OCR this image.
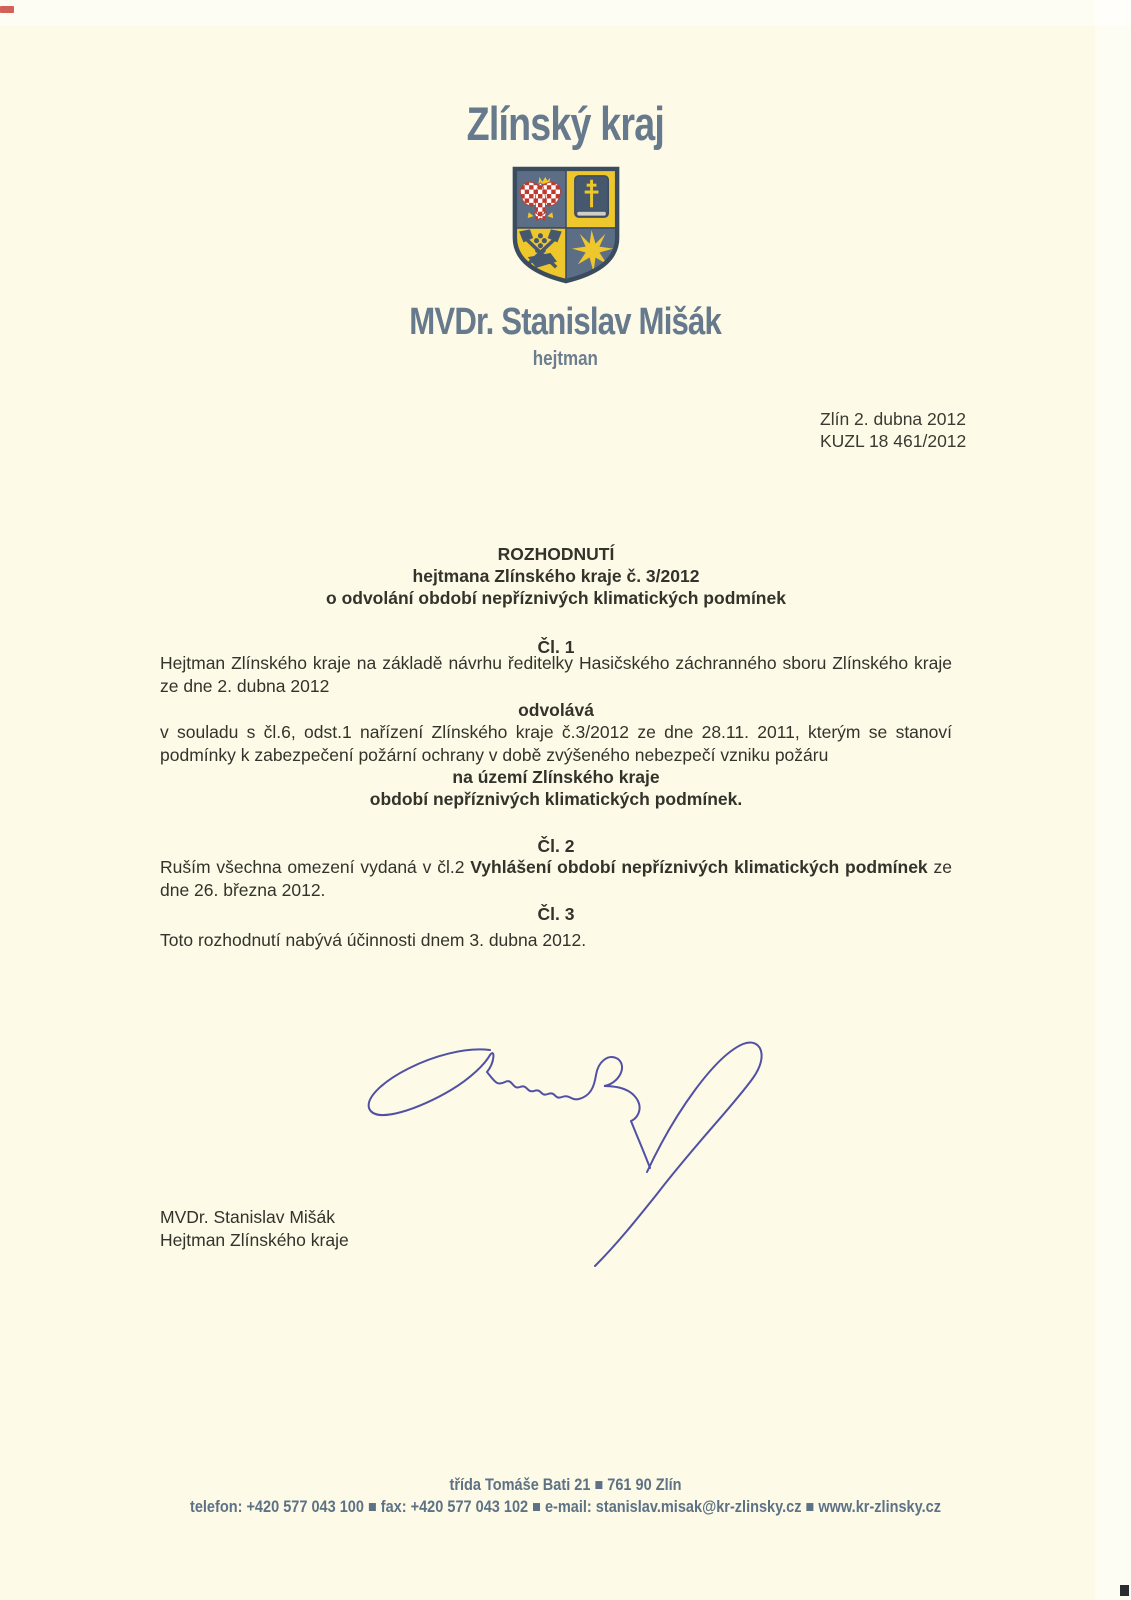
Zlínský kraj
MVDr. Stanislav Mišák
hejtman
Zlín 2. dubna 2012
KUZL 18 461/2012
ROZHODNUTÍ
hejtmana Zlínského kraje č. 3/2012
o odvolání období nepříznivých klimatických podmínek
Čl. 1
Hejtman Zlínského kraje na základě návrhu ředitelky Hasičského záchranného sboru Zlínského kraje ze dne 2. dubna 2012
odvolává
v souladu s čl.6, odst.1 nařízení Zlínského kraje č.3/2012 ze dne 28.11. 2011, kterým se stanoví podmínky k zabezpečení požární ochrany v době zvýšeného nebezpečí vzniku požáru
na území Zlínského kraje
období nepříznivých klimatických podmínek.
Čl. 2
Ruším všechna omezení vydaná v čl.2 Vyhlášení období nepříznivých klimatických podmínek ze dne 26. března 2012.
Čl. 3
Toto rozhodnutí nabývá účinnosti dnem 3. dubna 2012.
MVDr. Stanislav Mišák
Hejtman Zlínského kraje
třída Tomáše Bati 21 ■ 761 90 Zlín
telefon: +420 577 043 100 ■ fax: +420 577 043 102 ■ e-mail: stanislav.misak@kr-zlinsky.cz ■ www.kr-zlinsky.cz
